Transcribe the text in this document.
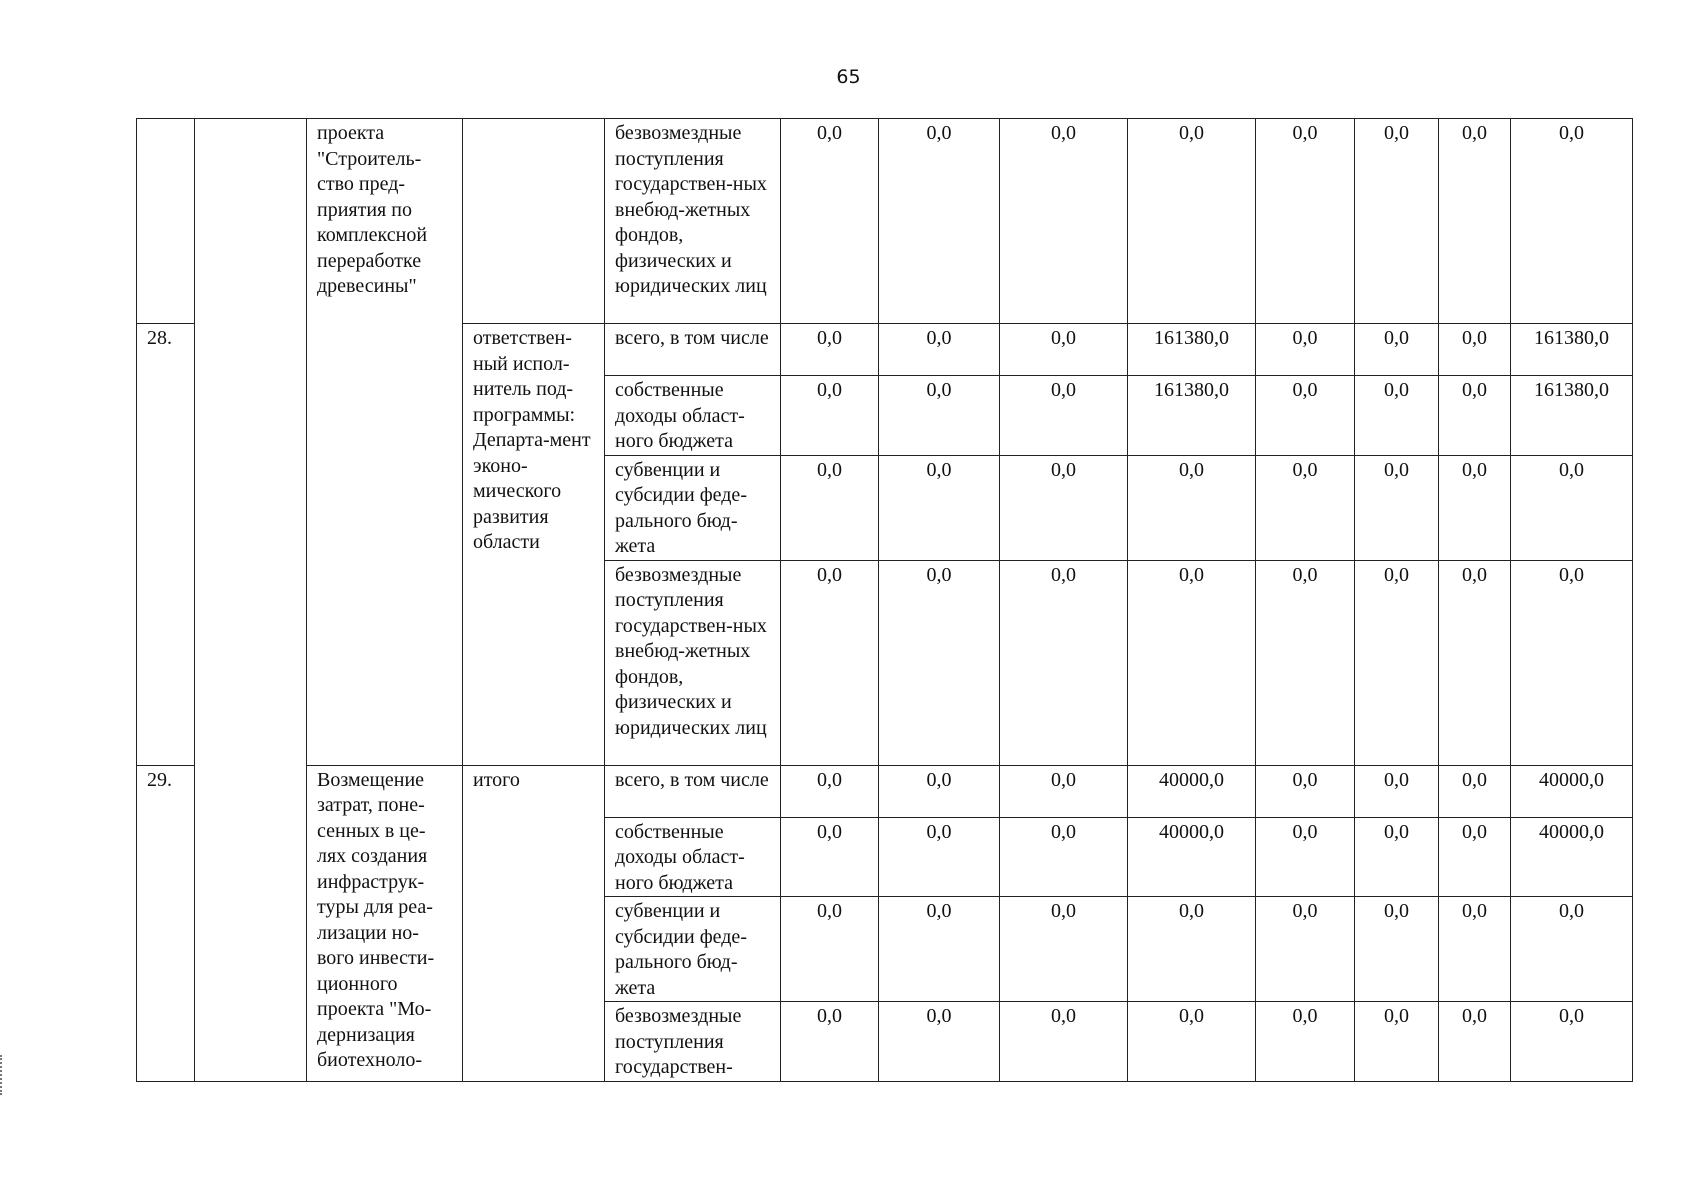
65
		проекта "Строитель-ство пред-приятия по комплексной переработке древесины"		безвозмездные поступления государствен-ных внебюд-жетных фондов, физических и юридических лиц	0,0	0,0	0,0	0,0	0,0	0,0	0,0	0,0
28.			ответствен-ный испол-нитель под-программы: Департа-мент эконо-мического развития области	всего, в том числе	0,0	0,0	0,0	161380,0	0,0	0,0	0,0	161380,0
				собственные доходы област-ного бюджета	0,0	0,0	0,0	161380,0	0,0	0,0	0,0	161380,0
				субвенции и субсидии феде-рального бюд-жета	0,0	0,0	0,0	0,0	0,0	0,0	0,0	0,0
				безвозмездные поступления государствен-ных внебюд-жетных фондов, физических и юридических лиц	0,0	0,0	0,0	0,0	0,0	0,0	0,0	0,0
29.		Возмещение затрат, поне-сенных в це-лях создания инфраструк-туры для реа-лизации но-вого инвести-ционного проекта "Мо-дернизация биотехноло-	итого	всего, в том числе	0,0	0,0	0,0	40000,0	0,0	0,0	0,0	40000,0
				собственные доходы област-ного бюджета	0,0	0,0	0,0	40000,0	0,0	0,0	0,0	40000,0
				субвенции и субсидии феде-рального бюд-жета	0,0	0,0	0,0	0,0	0,0	0,0	0,0	0,0
				безвозмездные поступления государствен-	0,0	0,0	0,0	0,0	0,0	0,0	0,0	0,0
